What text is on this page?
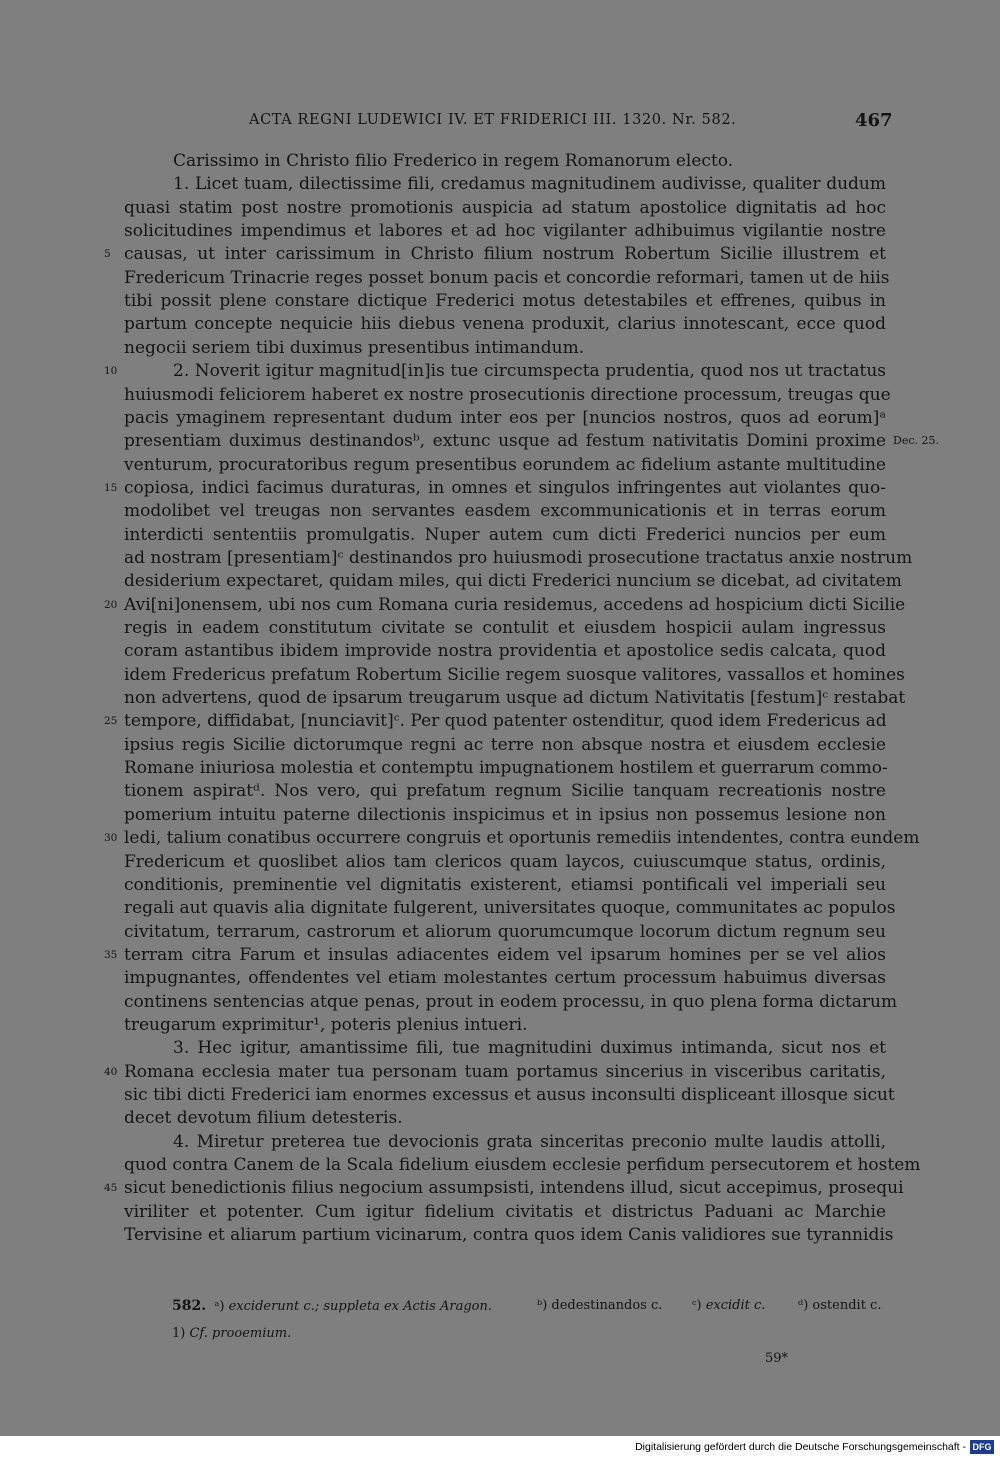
ACTA REGNI LUDEWICI IV. ET FRIDERICI III. 1320. Nr. 582.	467
Carissimo in Christo filio Frederico in regem Romanorum electo.
1. Licet tuam, dilectissime fili, credamus magnitudinem audivisse, qualiter dudum
quasi statim post nostre promotionis auspicia ad statum apostolice dignitatis ad hoc
solicitudines impendimus et labores et ad hoc vigilanter adhibuimus vigilantie nostre
causas, ut inter carissimum in Christo filium nostrum Robertum Sicilie illustrem et
5
Fredericum Trinacrie reges posset bonum pacis et concordie reformari, tamen ut de hiis
tibi possit plene constare dictique Frederici motus detestabiles et effrenes, quibus in
partum concepte nequicie hiis diebus venena produxit, clarius innotescant, ecce quod
negocii seriem tibi duximus presentibus intimandum.
2. Noverit igitur magnitud[in]is tue circumspecta prudentia, quod nos ut tractatus
10
huiusmodi feliciorem haberet ex nostre prosecutionis directione processum, treugas que
pacis ymaginem representant dudum inter eos per [nuncios nostros, quos ad eorum]ᵃ
presentiam duximus destinandosᵇ, extunc usque ad festum nativitatis Domini proxime Dec. 25.
venturum, procuratoribus regum presentibus eorundem ac fidelium astante multitudine
copiosa, indici facimus duraturas, in omnes et singulos infringentes aut violantes quo-
15
modolibet vel treugas non servantes easdem excommunicationis et in terras eorum
interdicti sententiis promulgatis. Nuper autem cum dicti Frederici nuncios per eum
ad nostram [presentiam]ᶜ destinandos pro huiusmodi prosecutione tractatus anxie nostrum
desiderium expectaret, quidam miles, qui dicti Frederici nuncium se dicebat, ad civitatem
Avi[ni]onensem, ubi nos cum Romana curia residemus, accedens ad hospicium dicti Sicilie
20
regis in eadem constitutum civitate se contulit et eiusdem hospicii aulam ingressus
coram astantibus ibidem improvide nostra providentia et apostolice sedis calcata, quod
idem Fredericus prefatum Robertum Sicilie regem suosque valitores, vassallos et homines
non advertens, quod de ipsarum treugarum usque ad dictum Nativitatis [festum]ᶜ restabat
tempore, diffidabat, [nunciavit]ᶜ. Per quod patenter ostenditur, quod idem Fredericus ad
25
ipsius regis Sicilie dictorumque regni ac terre non absque nostra et eiusdem ecclesie
Romane iniuriosa molestia et contemptu impugnationem hostilem et guerrarum commo-
tionem aspiratᵈ. Nos vero, qui prefatum regnum Sicilie tanquam recreationis nostre
pomerium intuitu paterne dilectionis inspicimus et in ipsius non possemus lesione non
ledi, talium conatibus occurrere congruis et oportunis remediis intendentes, contra eundem
30
Fredericum et quoslibet alios tam clericos quam laycos, cuiuscumque status, ordinis,
conditionis, preminentie vel dignitatis existerent, etiamsi pontificali vel imperiali seu
regali aut quavis alia dignitate fulgerent, universitates quoque, communitates ac populos
civitatum, terrarum, castrorum et aliorum quorumcumque locorum dictum regnum seu
terram citra Farum et insulas adiacentes eidem vel ipsarum homines per se vel alios
35
impugnantes, offendentes vel etiam molestantes certum processum habuimus diversas
continens sentencias atque penas, prout in eodem processu, in quo plena forma dictarum
treugarum exprimitur¹, poteris plenius intueri.
3. Hec igitur, amantissime fili, tue magnitudini duximus intimanda, sicut nos et
Romana ecclesia mater tua personam tuam portamus sincerius in visceribus caritatis,
40
sic tibi dicti Frederici iam enormes excessus et ausus inconsulti displiceant illosque sicut
decet devotum filium detesteris.
4. Miretur preterea tue devocionis grata sinceritas preconio multe laudis attolli,
quod contra Canem de la Scala fidelium eiusdem ecclesie perfidum persecutorem et hostem
sicut benedictionis filius negocium assumpsisti, intendens illud, sicut accepimus, prosequi
45
viriliter et potenter. Cum igitur fidelium civitatis et districtus Paduani ac Marchie
Tervisine et aliarum partium vicinarum, contra quos idem Canis validiores sue tyrannidis
582. ᵃ) exciderunt c.; suppleta ex Actis Aragon.	ᵇ) dedestinandos c. ᶜ) excidit c.	ᵈ) ostendit c.
1) Cf. prooemium.
59*
Digitalisierung gefördert durch die Deutsche Forschungsgemeinschaft - DFG
